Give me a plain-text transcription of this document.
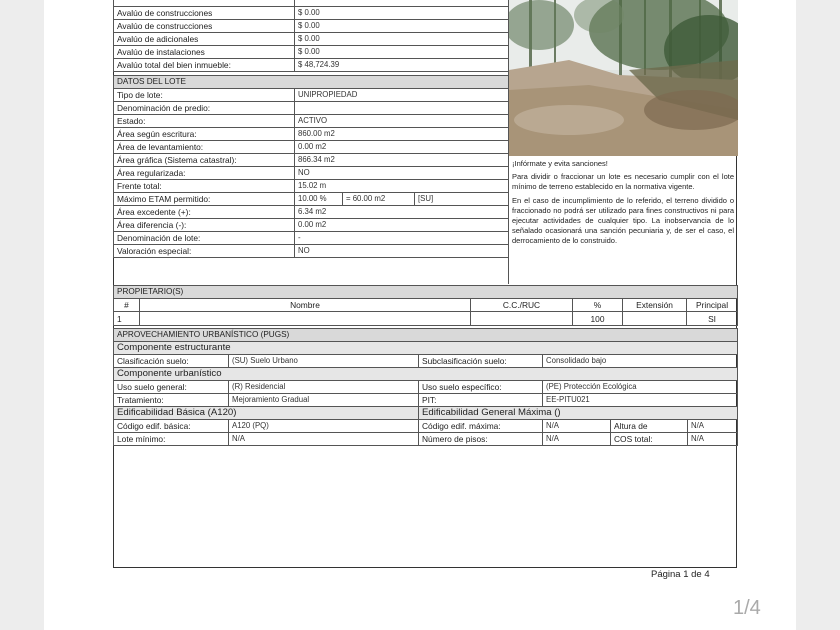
Avalúo de construcciones	$ 0.00
Avalúo de construcciones	$ 0.00
Avalúo de adicionales	$ 0.00
Avalúo de instalaciones	$ 0.00
Avalúo total del bien inmueble:	$ 48,724.39
DATOS DEL LOTE			
Tipo de lote:	UNIPROPIEDAD		
Denominación de predio:			
Estado:	ACTIVO		
Área según escritura:	860.00 m2		
Área de levantamiento:	0.00 m2		
Área gráfica (Sistema catastral):	866.34 m2		
Área regularizada:	NO		
Frente total:	15.02 m		
Máximo ETAM permitido:	10.00 %	= 60.00 m2	[SU]
Área excedente (+):	6.34 m2		
Área diferencia (-):	0.00 m2		
Denominación de lote:	-		
Valoración especial:	NO		

¡Infórmate y evita sanciones!

Para dividir o fraccionar un lote es necesario cumplir con el lote mínimo de terreno establecido en la normativa vigente.

En el caso de incumplimiento de lo referido, el terreno dividido o fraccionado no podrá ser utilizado para fines constructivos ni para ejecutar actividades de cualquier tipo. La inobservancia de lo señalado ocasionará una sanción pecuniaria y, de ser el caso, el derrocamiento de lo construido.

PROPIETARIO(S)					
#	Nombre	C.C./RUC	%	Extensión	Principal
1			100		SI
APROVECHAMIENTO URBANÍSTICO (PUGS)					
Componente estructurante					
Clasificación suelo:	(SU) Suelo Urbano	Subclasificación suelo:	Consolidado bajo		
Componente urbanístico					
Uso suelo general:	(R) Residencial	Uso suelo específico:	(PE) Protección Ecológica		
Tratamiento:	Mejoramiento Gradual	PIT:	EE-PITU021		
Edificabilidad Básica (A120)		Edificabilidad General Máxima ()			
Código edif. básica:	A120 (PQ)	Código edif. máxima:	N/A	Altura de	N/A
Lote mínimo:	N/A	Número de pisos:	N/A	COS total:	N/A
Página 1 de 4
1/4
